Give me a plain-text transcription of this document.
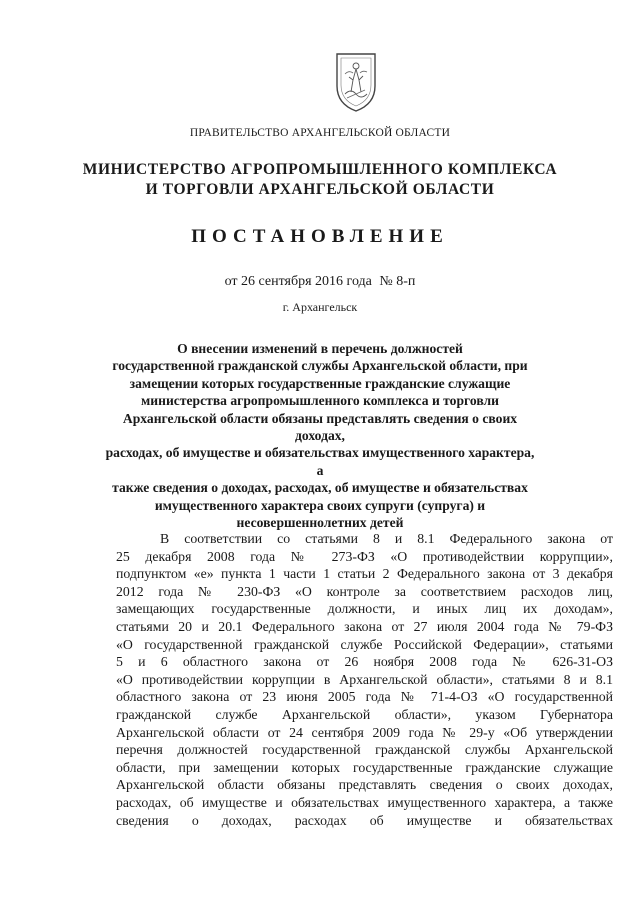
ПРАВИТЕЛЬСТВО АРХАНГЕЛЬСКОЙ ОБЛАСТИ
МИНИСТЕРСТВО АГРОПРОМЫШЛЕННОГО КОМПЛЕКСА
И ТОРГОВЛИ АРХАНГЕЛЬСКОЙ ОБЛАСТИ
ПОСТАНОВЛЕНИЕ
от 26 сентября 2016 года № 8-п
г. Архангельск
О внесении изменений в перечень должностей
государственной гражданской службы Архангельской области, при
замещении которых государственные гражданские служащие
министерства агропромышленного комплекса и торговли
Архангельской области обязаны представлять сведения о своих доходах,
расходах, об имуществе и обязательствах имущественного характера, а
также сведения о доходах, расходах, об имуществе и обязательствах
имущественного характера своих супруги (супруга) и
несовершеннолетних детей
В соответствии со статьями 8 и 8.1 Федерального закона от
25 декабря 2008 года № 273-ФЗ «О противодействии коррупции»,
подпунктом «е» пункта 1 части 1 статьи 2 Федерального закона от 3 декабря
2012 года № 230-ФЗ «О контроле за соответствием расходов лиц,
замещающих государственные должности, и иных лиц их доходам»,
статьями 20 и 20.1 Федерального закона от 27 июля 2004 года № 79-ФЗ
«О государственной гражданской службе Российской Федерации», статьями
5 и 6 областного закона от 26 ноября 2008 года № 626-31-ОЗ
«О противодействии коррупции в Архангельской области», статьями 8 и 8.1
областного закона от 23 июня 2005 года № 71-4-ОЗ «О государственной
гражданской службе Архангельской области», указом Губернатора
Архангельской области от 24 сентября 2009 года № 29-у «Об утверждении
перечня должностей государственной гражданской службы Архангельской
области, при замещении которых государственные гражданские служащие
Архангельской области обязаны представлять сведения о своих доходах,
расходах, об имуществе и обязательствах имущественного характера, а также
сведения о доходах, расходах об имуществе и обязательствах
